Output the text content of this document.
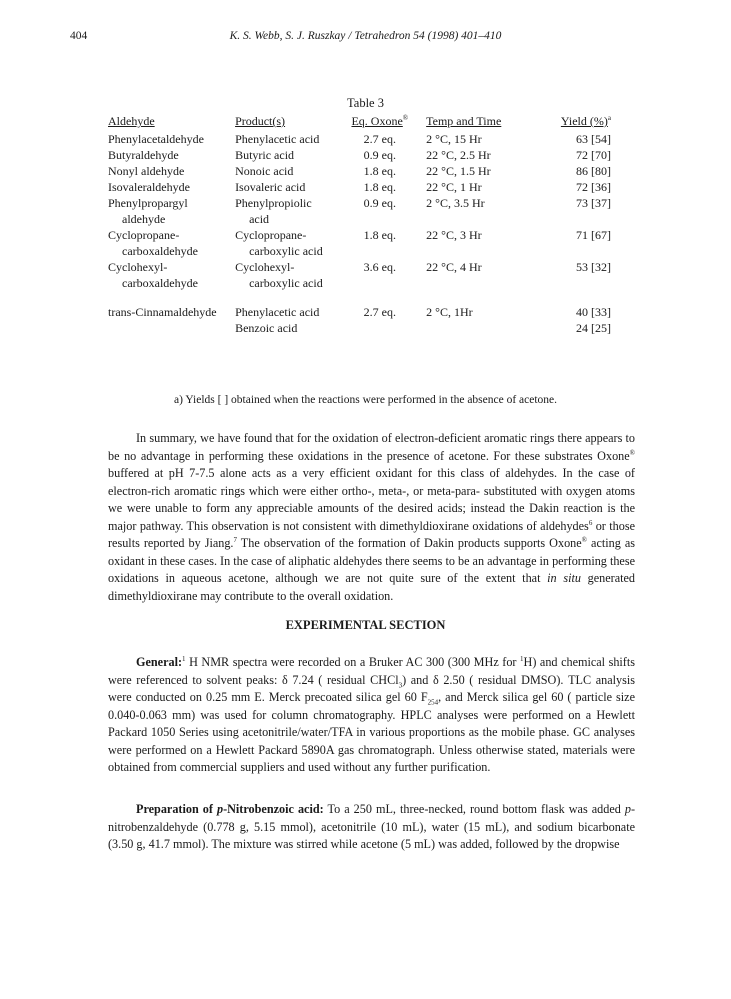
404	K. S. Webb, S. J. Ruszkay / Tetrahedron 54 (1998) 401–410
Table 3
Aldehyde	Product(s)	Eq. Oxone®	Temp and Time	Yield (%)$^a$
Phenylacetaldehyde	Phenylacetic acid	2.7 eq.	2 °C, 15 Hr	63 [54]
Butyraldehyde	Butyric acid	0.9 eq.	22 °C, 2.5 Hr	72 [70]
Nonyl aldehyde	Nonoic acid	1.8 eq.	22 °C, 1.5 Hr	86 [80]
Isovaleraldehyde	Isovaleric acid	1.8 eq.	22 °C, 1 Hr	72 [36]
Phenylpropargyl	Phenylpropiolic	0.9 eq.	2 °C, 3.5 Hr	73 [37]
aldehyde	acid			
Cyclopropane-	Cyclopropane-	1.8 eq.	22 °C, 3 Hr	71 [67]
carboxaldehyde	carboxylic acid			
Cyclohexyl-	Cyclohexyl-	3.6 eq.	22 °C, 4 Hr	53 [32]
carboxaldehyde	carboxylic acid			

trans-Cinnamaldehyde	Phenylacetic acid	2.7 eq.	2 °C, 1Hr	40 [33]
	Benzoic acid			24 [25]
a) Yields [ ] obtained when the reactions were performed in the absence of acetone.

In summary, we have found that for the oxidation of electron-deficient aromatic rings there appears to be no advantage in performing these oxidations in the presence of acetone. For these substrates Oxone® buffered at pH 7-7.5 alone acts as a very efficient oxidant for this class of aldehydes. In the case of electron-rich aromatic rings which were either ortho-, meta-, or meta-para- substituted with oxygen atoms we were unable to form any appreciable amounts of the desired acids; instead the Dakin reaction is the major pathway. This observation is not consistent with dimethyldioxirane oxidations of aldehydes$^6$ or those results reported by Jiang.$^7$ The observation of the formation of Dakin products supports Oxone® acting as oxidant in these cases. In the case of aliphatic aldehydes there seems to be an advantage in performing these oxidations in aqueous acetone, although we are not quite sure of the extent that in situ generated dimethyldioxirane may contribute to the overall oxidation.

EXPERIMENTAL SECTION

General:$^1$ H NMR spectra were recorded on a Bruker AC 300 (300 MHz for $^1$H) and chemical shifts were referenced to solvent peaks: δ 7.24 ( residual CHCl$_3$) and δ 2.50 ( residual DMSO). TLC analysis were conducted on 0.25 mm E. Merck precoated silica gel 60 $F_{254}$, and Merck silica gel 60 ( particle size 0.040-0.063 mm) was used for column chromatography. HPLC analyses were performed on a Hewlett Packard 1050 Series using acetonitrile/water/TFA in various proportions as the mobile phase. GC analyses were performed on a Hewlett Packard 5890A gas chromatograph. Unless otherwise stated, materials were obtained from commercial suppliers and used without any further purification.

Preparation of p-Nitrobenzoic acid: To a 250 mL, three-necked, round bottom flask was added p-nitrobenzaldehyde (0.778 g, 5.15 mmol), acetonitrile (10 mL), water (15 mL), and sodium bicarbonate (3.50 g, 41.7 mmol). The mixture was stirred while acetone (5 mL) was added, followed by the dropwise
